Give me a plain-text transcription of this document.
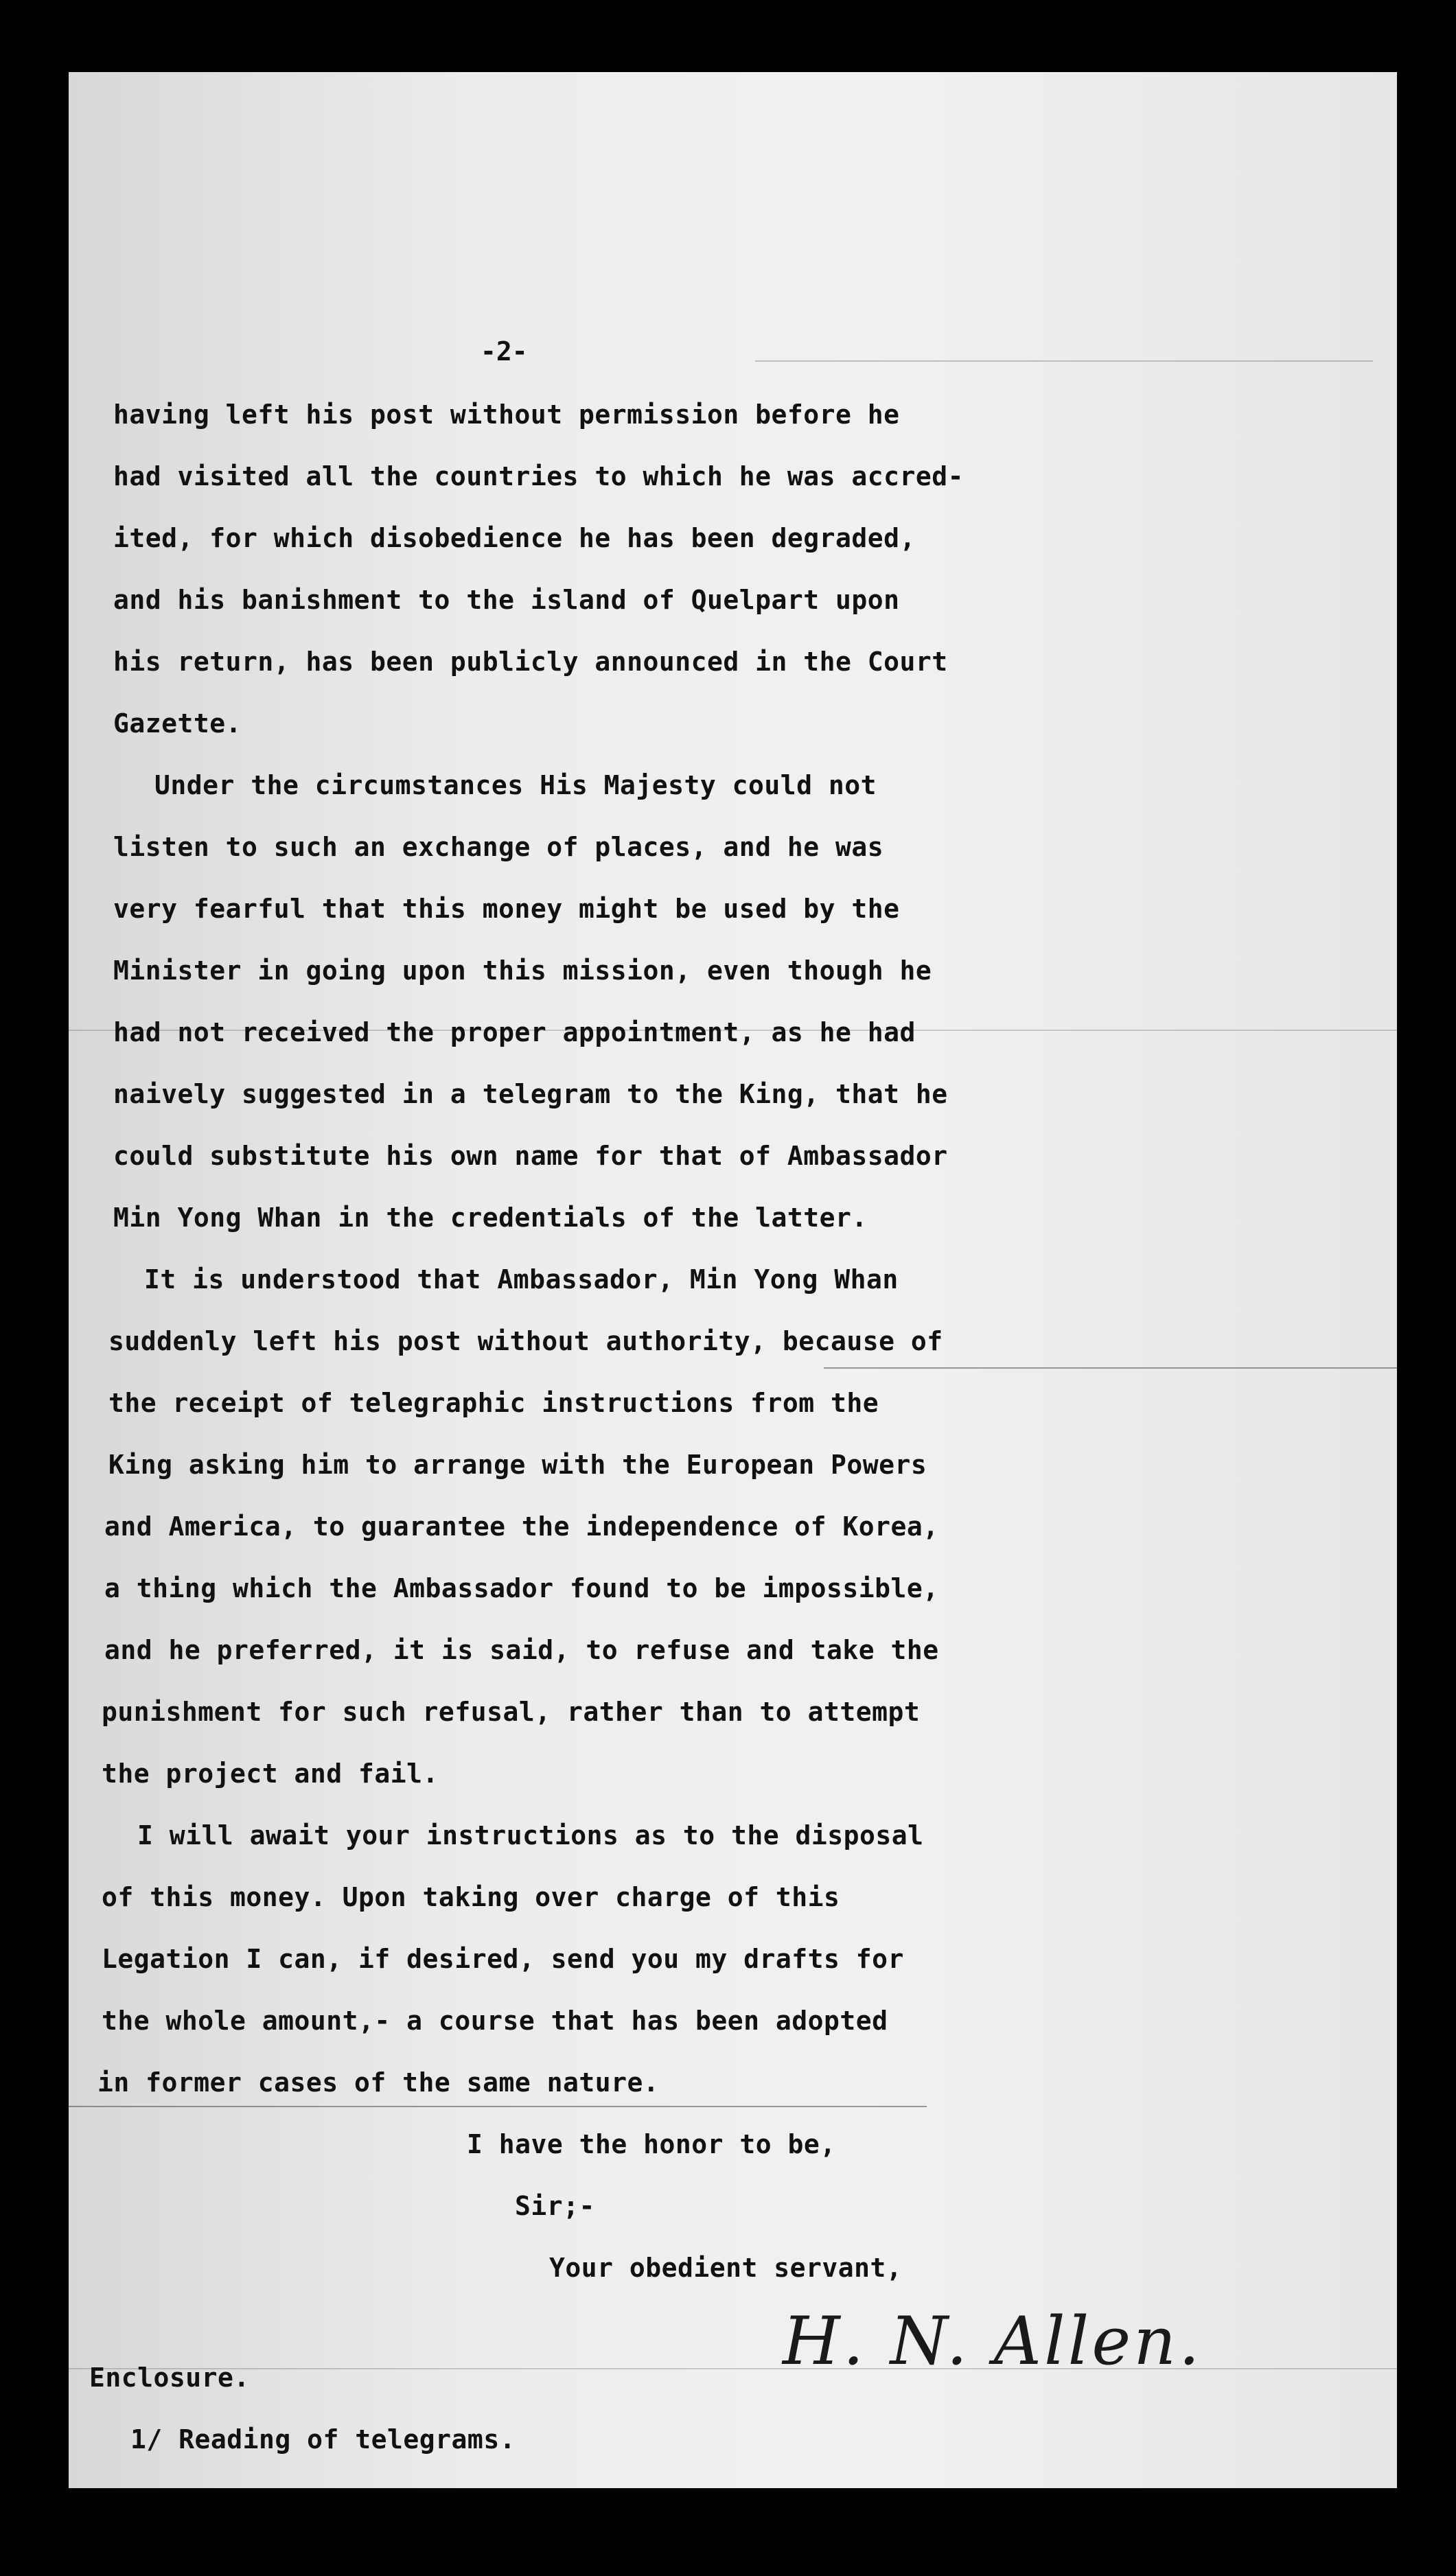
-2-
having left his post without permission before he
had visited all the countries to which he was accred-
ited, for which disobedience he has been degraded,
and his banishment to the island of Quelpart upon
his return, has been publicly announced in the Court
Gazette.
Under the circumstances His Majesty could not
listen to such an exchange of places, and he was
very fearful that this money might be used by the
Minister in going upon this mission, even though he
had not received the proper appointment, as he had
naively suggested in a telegram to the King, that he
could substitute his own name for that of Ambassador
Min Yong Whan in the credentials of the latter.
It is understood that Ambassador, Min Yong Whan
suddenly left his post without authority, because of
the receipt of telegraphic instructions from the
King asking him to arrange with the European Powers
and America, to guarantee the independence of Korea,
a thing which the Ambassador found to be impossible,
and he preferred, it is said, to refuse and take the
punishment for such refusal, rather than to attempt
the project and fail.
I will await your instructions as to the disposal
of this money. Upon taking over charge of this
Legation I can, if desired, send you my drafts for
the whole amount,- a course that has been adopted
in former cases of the same nature.
I have the honor to be,
Sir;-
Your obedient servant,
H. N. Allen.
Enclosure.
1/ Reading of telegrams.
